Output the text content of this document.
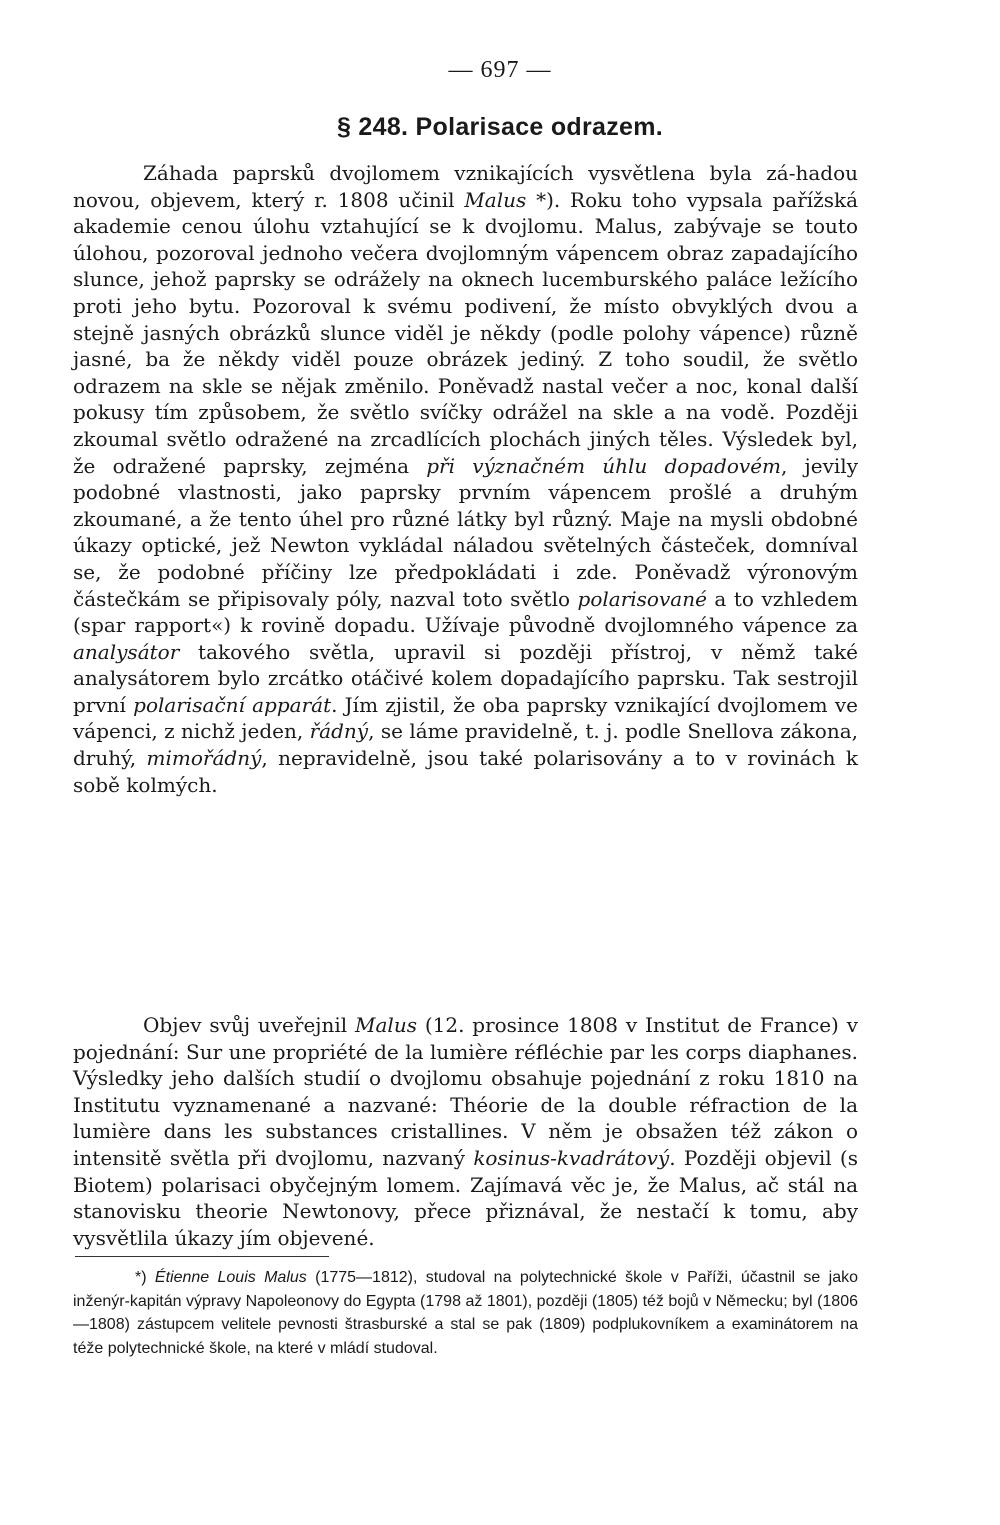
— 697 —
§ 248. Polarisace odrazem.

Záhada paprsků dvojlomem vznikajících vysvětlena byla zá-hadou novou, objevem, který r. 1808 učinil Malus *). Roku toho vypsala pařížská akademie cenou úlohu vztahující se k dvojlomu. Malus, zabývaje se touto úlohou, pozoroval jednoho večera dvojlomným vápencem obraz zapadajícího slunce, jehož paprsky se odrážely na oknech lucemburského paláce ležícího proti jeho bytu. Pozoroval k svému podivení, že místo obvyklých dvou a stejně jasných obrázků slunce viděl je někdy (podle polohy vápence) různě jasné, ba že někdy viděl pouze obrázek jediný. Z toho soudil, že světlo odrazem na skle se nějak změnilo. Poněvadž nastal večer a noc, konal další pokusy tím způsobem, že světlo svíčky odrážel na skle a na vodě. Později zkoumal světlo odražené na zrcadlících plochách jiných těles. Výsledek byl, že odražené paprsky, zejména při význačném úhlu dopadovém, jevily podobné vlastnosti, jako paprsky prvním vápencem prošlé a druhým zkoumané, a že tento úhel pro různé látky byl různý. Maje na mysli obdobné úkazy optické, jež Newton vykládal náladou světelných částeček, domníval se, že podobné příčiny lze předpokládati i zde. Poněvadž výronovým částečkám se připisovaly póly, nazval toto světlo polarisované a to vzhledem (spar rapport«) k rovině dopadu. Užívaje původně dvojlomného vápence za analysátor takového světla, upravil si později přístroj, v němž také analysátorem bylo zrcátko otáčivé kolem dopadajícího paprsku. Tak sestrojil první polarisační apparát. Jím zjistil, že oba paprsky vznikající dvojlomem ve vápenci, z nichž jeden, řádný, se láme pravidelně, t. j. podle Snellova zákona, druhý, mimořádný, nepravidelně, jsou také polarisovány a to v rovinách k sobě kolmých.

Objev svůj uveřejnil Malus (12. prosince 1808 v Institut de France) v pojednání: Sur une propriété de la lumière réfléchie par les corps diaphanes. Výsledky jeho dalších studií o dvojlomu obsahuje pojednání z roku 1810 na Institutu vyznamenané a nazvané: Théorie de la double réfraction de la lumière dans les substances cristallines. V něm je obsažen též zákon o intensitě světla při dvojlomu, nazvaný kosinus-kvadrátový. Později objevil (s Biotem) polarisaci obyčejným lomem. Zajímavá věc je, že Malus, ač stál na stanovisku theorie Newtonovy, přece přiznával, že nestačí k tomu, aby vysvětlila úkazy jím objevené.

*) Étienne Louis Malus (1775—1812), studoval na polytechnické škole v Paříži, účastnil se jako inženýr-kapitán výpravy Napoleonovy do Egypta (1798 až 1801), později (1805) též bojů v Německu; byl (1806—1808) zástupcem velitele pevnosti štrasburské a stal se pak (1809) podplukovníkem a examinátorem na téže polytechnické škole, na které v mládí studoval.
